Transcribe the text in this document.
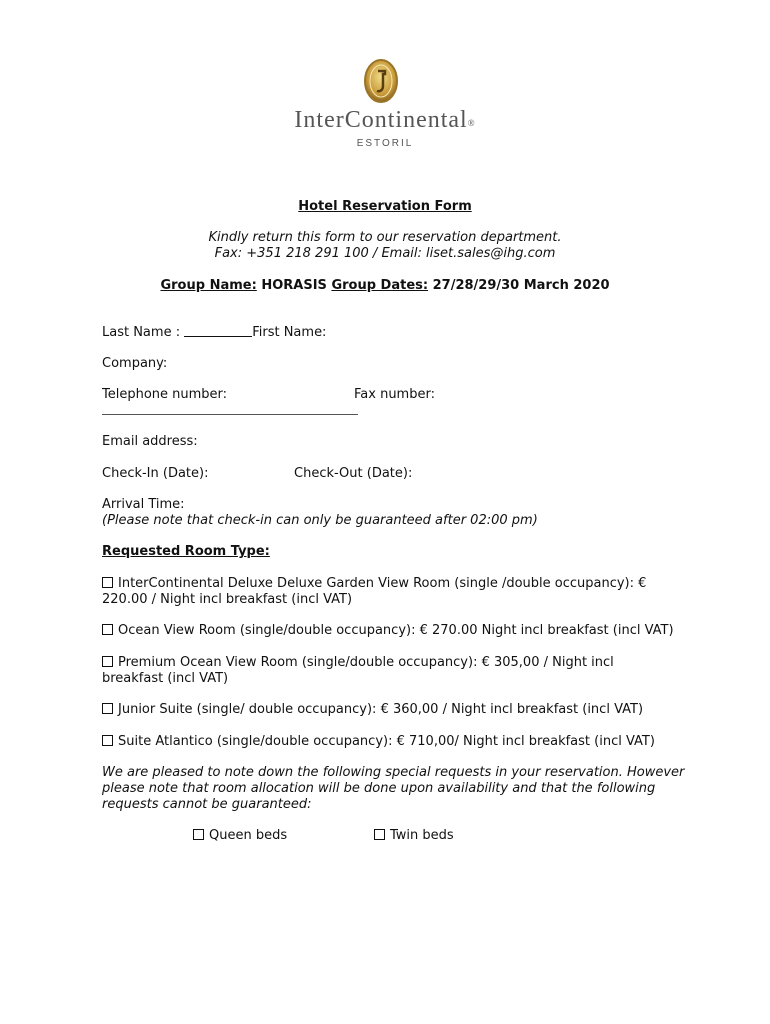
InterContinental®
ESTORIL
Hotel Reservation Form
Kindly return this form to our reservation department.
Fax: +351 218 291 100 / Email: liset.sales@ihg.com
Group Name: HORASIS Group Dates: 27/28/29/30 March 2020
Last Name :	First Name:
Company:
Telephone number:	Fax number:
Email address:
Check-In (Date):	Check-Out (Date):
Arrival Time:
(Please note that check-in can only be guaranteed after 02:00 pm)
Requested Room Type:
InterContinental Deluxe Deluxe Garden View Room (single /double occupancy): €
220.00 / Night incl breakfast (incl VAT)
Ocean View Room (single/double occupancy): € 270.00 Night incl breakfast (incl VAT)
Premium Ocean View Room (single/double occupancy): € 305,00 / Night incl
breakfast (incl VAT)
Junior Suite (single/ double occupancy): € 360,00 / Night incl breakfast (incl VAT)
Suite Atlantico (single/double occupancy): € 710,00/ Night incl breakfast (incl VAT)
We are pleased to note down the following special requests in your reservation. However
please note that room allocation will be done upon availability and that the following
requests cannot be guaranteed:
Queen beds	Twin beds
